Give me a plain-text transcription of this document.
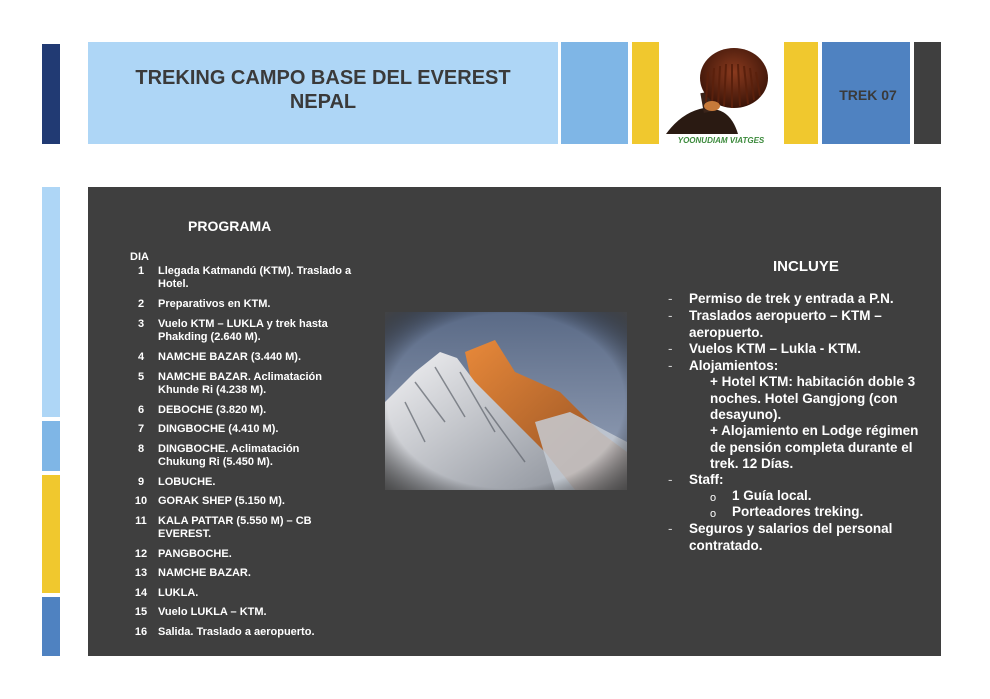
TREKING CAMPO BASE DEL EVEREST
NEPAL
YOONUDIAM VIATGES
TREK 07
PROGRAMA
DIA
1	Llegada Katmandú (KTM). Traslado a Hotel.
2	Preparativos en KTM.
3	Vuelo KTM – LUKLA y trek hasta Phakding (2.640 M).
4	NAMCHE BAZAR (3.440 M).
5	NAMCHE BAZAR. Aclimatación Khunde Ri (4.238 M).
6	DEBOCHE (3.820 M).
7	DINGBOCHE (4.410 M).
8	DINGBOCHE. Aclimatación Chukung Ri (5.450 M).
9	LOBUCHE.
10 GORAK SHEP (5.150 M).
11	KALA PATTAR (5.550 M) – CB EVEREST.
12 PANGBOCHE.
13 NAMCHE BAZAR.
14 LUKLA.
15 Vuelo LUKLA – KTM.
16 Salida. Traslado a aeropuerto.
INCLUYE
- Permiso de trek y entrada a P.N.
- Traslados aeropuerto – KTM – aeropuerto.
- Vuelos KTM – Lukla - KTM.
- Alojamientos:
+ Hotel KTM: habitación doble 3 noches. Hotel Gangjong (con desayuno).
+ Alojamiento en Lodge régimen de pensión completa durante el trek. 12 Días.
- Staff:
o 1 Guía local.
o Porteadores treking.
- Seguros y salarios del personal contratado.
